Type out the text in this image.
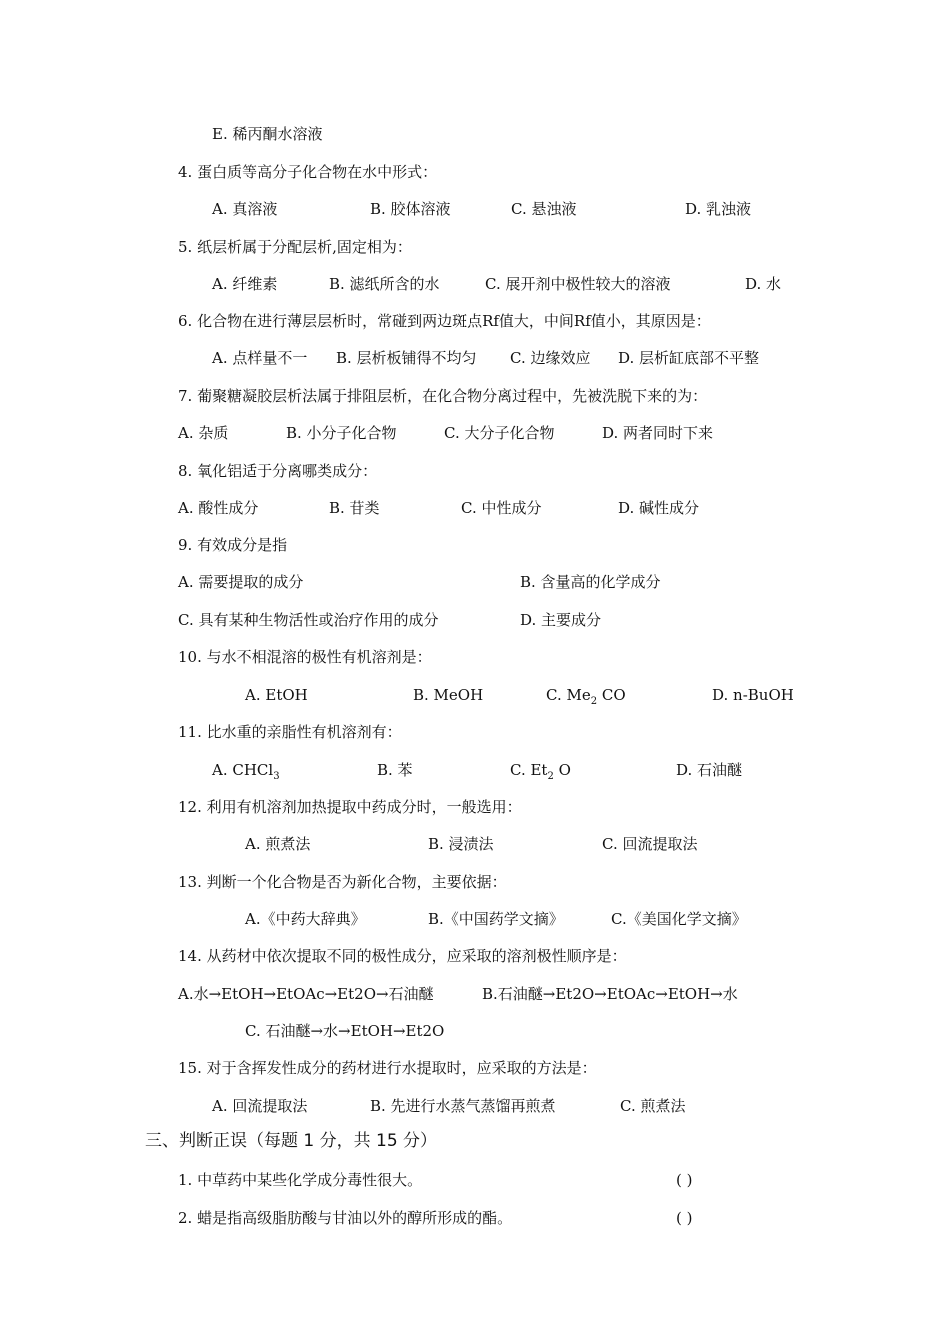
E. 稀丙酮水溶液
4. 蛋白质等高分子化合物在水中形式：
A. 真溶液	B. 胶体溶液	C. 悬浊液	D. 乳浊液
5. 纸层析属于分配层析,固定相为：
A. 纤维素	B. 滤纸所含的水	C. 展开剂中极性较大的溶液	D. 水
6. 化合物在进行薄层层析时，常碰到两边斑点Rf值大，中间Rf值小，其原因是：
A. 点样量不一 B. 层析板铺得不均匀 C. 边缘效应 D. 层析缸底部不平整
7. 葡聚糖凝胶层析法属于排阻层析，在化合物分离过程中，先被洗脱下来的为：
A. 杂质	B. 小分子化合物	C. 大分子化合物	D. 两者同时下来
8. 氧化铝适于分离哪类成分：
A. 酸性成分	B. 苷类	C. 中性成分	D. 碱性成分
9. 有效成分是指
A. 需要提取的成分	B. 含量高的化学成分
C. 具有某种生物活性或治疗作用的成分	D. 主要成分
10. 与水不相混溶的极性有机溶剂是：
A. EtOH	B. MeOH	C. $Me_2$ CO	D. n-BuOH
11. 比水重的亲脂性有机溶剂有：
A. CHCl$_3$	B. 苯	C. $Et_2$ O	D. 石油醚
12. 利用有机溶剂加热提取中药成分时，一般选用：
A. 煎煮法	B. 浸渍法	C. 回流提取法
13. 判断一个化合物是否为新化合物，主要依据：
A.《中药大辞典》	B.《中国药学文摘》	C.《美国化学文摘》
14. 从药材中依次提取不同的极性成分，应采取的溶剂极性顺序是：
A.水→EtOH→EtOAc→Et2O→石油醚	B.石油醚→Et2O→EtOAc→EtOH→水
C. 石油醚→水→EtOH→Et2O
15. 对于含挥发性成分的药材进行水提取时，应采取的方法是：
A. 回流提取法	B. 先进行水蒸气蒸馏再煎煮	C. 煎煮法
三、判断正误（每题 1 分，共 15 分）
1. 中草药中某些化学成分毒性很大。	( )
2. 蜡是指高级脂肪酸与甘油以外的醇所形成的酯。	( )
